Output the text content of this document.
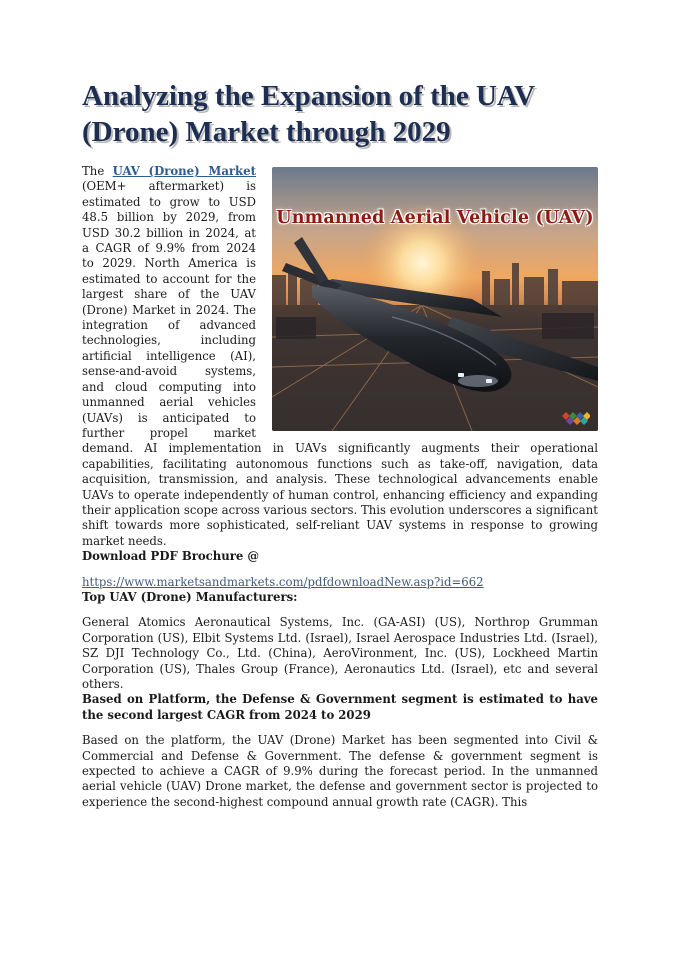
Analyzing the Expansion of the UAV (Drone) Market through 2029
Unmanned Aerial Vehicle (UAV)

The UAV (Drone) Market (OEM+ aftermarket) is estimated to grow to USD 48.5 billion by 2029, from USD 30.2 billion in 2024, at a CAGR of 9.9% from 2024 to 2029. North America is estimated to account for the largest share of the UAV (Drone) Market in 2024. The integration of advanced technologies, including artificial intelligence (AI), sense-and-avoid systems, and cloud computing into unmanned aerial vehicles (UAVs) is anticipated to further propel market demand. AI implementation in UAVs significantly augments their operational capabilities, facilitating autonomous functions such as take-off, navigation, data acquisition, transmission, and analysis. These technological advancements enable UAVs to operate independently of human control, enhancing efficiency and expanding their application scope across various sectors. This evolution underscores a significant shift towards more sophisticated, self-reliant UAV systems in response to growing market needs.

Download PDF Brochure @

https://www.marketsandmarkets.com/pdfdownloadNew.asp?id=662

Top UAV (Drone) Manufacturers:

General Atomics Aeronautical Systems, Inc. (GA-ASI) (US), Northrop Grumman Corporation (US), Elbit Systems Ltd. (Israel), Israel Aerospace Industries Ltd. (Israel), SZ DJI Technology Co., Ltd. (China), AeroVironment, Inc. (US), Lockheed Martin Corporation (US), Thales Group (France), Aeronautics Ltd. (Israel), etc and several others.

Based on Platform, the Defense & Government segment is estimated to have the second largest CAGR from 2024 to 2029

Based on the platform, the UAV (Drone) Market has been segmented into Civil & Commercial and Defense & Government. The defense & government segment is expected to achieve a CAGR of 9.9% during the forecast period. In the unmanned aerial vehicle (UAV) Drone market, the defense and government sector is projected to experience the second-highest compound annual growth rate (CAGR). This
